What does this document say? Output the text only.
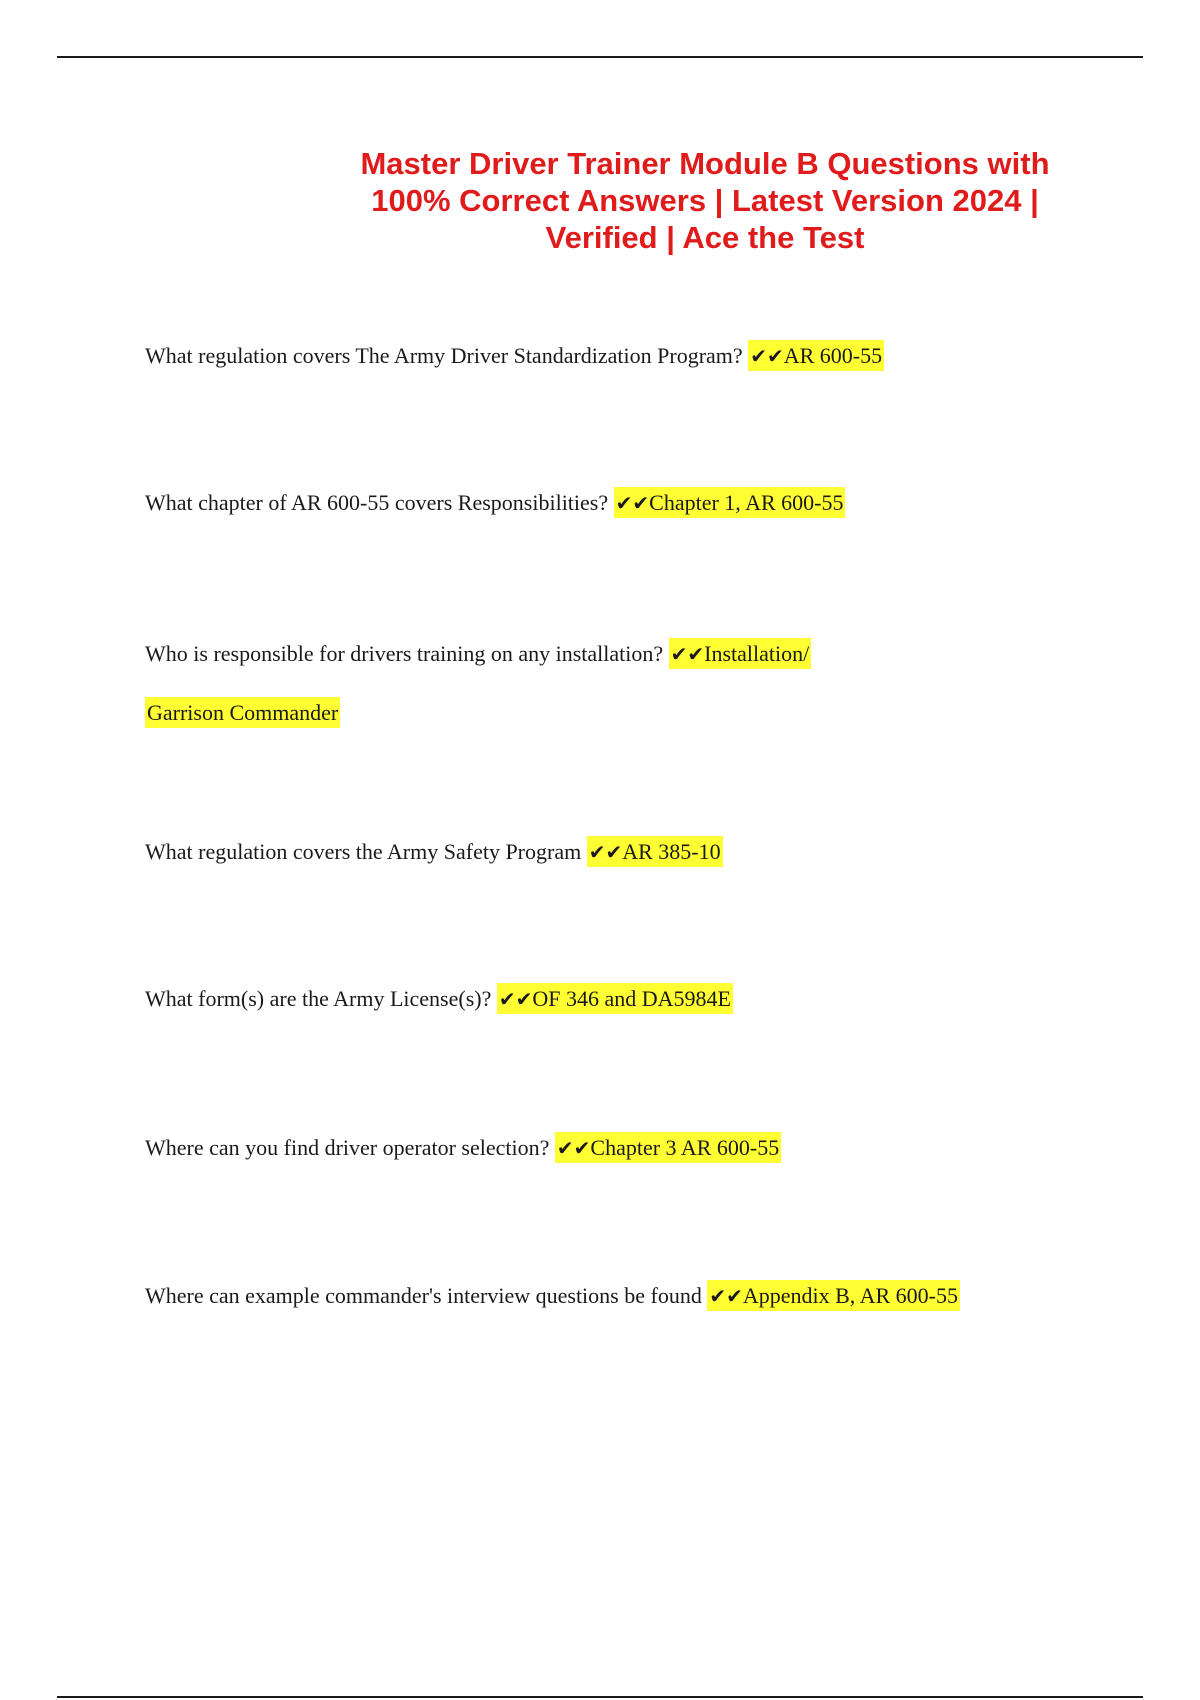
Master Driver Trainer Module B Questions with
100% Correct Answers | Latest Version 2024 |
Verified | Ace the Test
What regulation covers The Army Driver Standardization Program? ✔✔AR 600-55
What chapter of AR 600-55 covers Responsibilities? ✔✔Chapter 1, AR 600-55
Who is responsible for drivers training on any installation? ✔✔Installation/
Garrison Commander
What regulation covers the Army Safety Program ✔✔AR 385-10
What form(s) are the Army License(s)? ✔✔OF 346 and DA5984E
Where can you find driver operator selection? ✔✔Chapter 3 AR 600-55
Where can example commander's interview questions be found ✔✔Appendix B, AR 600-55
